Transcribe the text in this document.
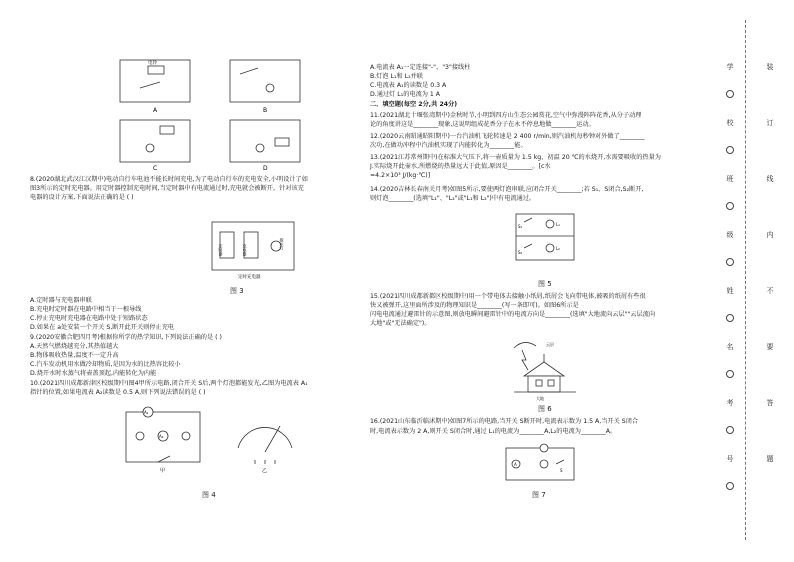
A	B
C	D
电铃
8.(2020湖北武汉江汉期中)电动自行车电池不能长时间充电,为了电动自行车的充电安全,小明设计了如
图3所示的定时充电器。用定时器控制充电时间,当定时器中有电流通过时,充电就会被断开。针对该充
电器的设计方案,下面说法正确的是 ( )
定时器	充电器	指示灯
定时充电器
图 3
A.定时器与充电器串联
B.充电时定时器在电路中相当于一根导线
C.停止充电时充电器在电路中处于短路状态
D.如果在 a处安装一个开关 S,断开此开关则停止充电
9.(2020安徽合肥四月考)根据你所学的热学知识,下列说法正确的是 ( )
A.天然气燃烧越充分,其热值越大
B.物体吸收热量,温度不一定升高
C.汽车发动机用水做冷却物质,是因为水的比热容比较小
D.烧开水时水蒸气将壶盖顶起,内能转化为内能
10.(2021四川成都新津区校级期中)图4甲所示电路,闭合开关 S后,两个灯泡都能发光,乙图为电流表 A₁
指针的位置,如果电流表 A₂读数是 0.5 A,则下列说法错误的是 ( )
A₁
A₂
甲	乙
图 4
A.电流表 A₁一定连接"-"、"3"接线柱
B.灯泡 L₁和 L₂并联
C.电流表 A₁的读数是 0.3 A
D.通过灯 L₁的电流为 1 A
二、填空题(每空 2分,共 24分)
11.(2021湖北十堰张湾期中)金秋时节,小明到四方山生态公园赏花,空气中弥漫阵阵花香,从分子动理
论的角度讲这是________现象,这说明组成花香分子在永不停息地做________运动。
12.(2020云南昭通昭阳期中)一台汽油机飞轮转速是 2 400 r/min,则汽油机每秒钟对外做了________
次功,在做功冲程中汽油机实现了内能转化为________能。
13.(2021江苏常州期中)在标准大气压下,将一壶质量为 1.5 kg、初温 20 ℃的水烧开,水需要吸收的热量为
J.实际烧开此壶水,所燃烧的热量远大于此值,原因是________。[c水
=4.2×10³ J/(kg·℃)]
14.(2020吉林长春南关月考)如图5所示,要使两灯泡串联,应闭合开关________;若 S₁、S闭合,S₂断开,
则灯泡________(选填"L₁"、"L₂"或"L₁和 L₂")中有电流通过。
S₁
S₂
L₁
L₂
图 5
15.(2021四川成都新都区校级期中)用一个带电体去接触小纸屑,纸屑会飞向带电体,被吸的纸屑有些很
快又被弹开,这里面所涉及的物理知识是________(写一条即可)。如图6所示是
闪电电流通过避雷针的示意图,则放电瞬间避雷针中的电流方向是________(选填"大地流向云层""云层流向
大地"或"无法确定")。
云层
大地
图 6
16.(2021山东临沂临沭期中)如图7所示的电路,当开关 S断开时,电流表示数为 1.5 A,当开关 S闭合
时,电流表示数为 2 A,则开关 S闭合时,通过 L₁的电流为________A,L₂的电流为________A。
A
S
图 7
学
校
班
级
姓
名
考
号
装
订
线
内
不
要
答
题
